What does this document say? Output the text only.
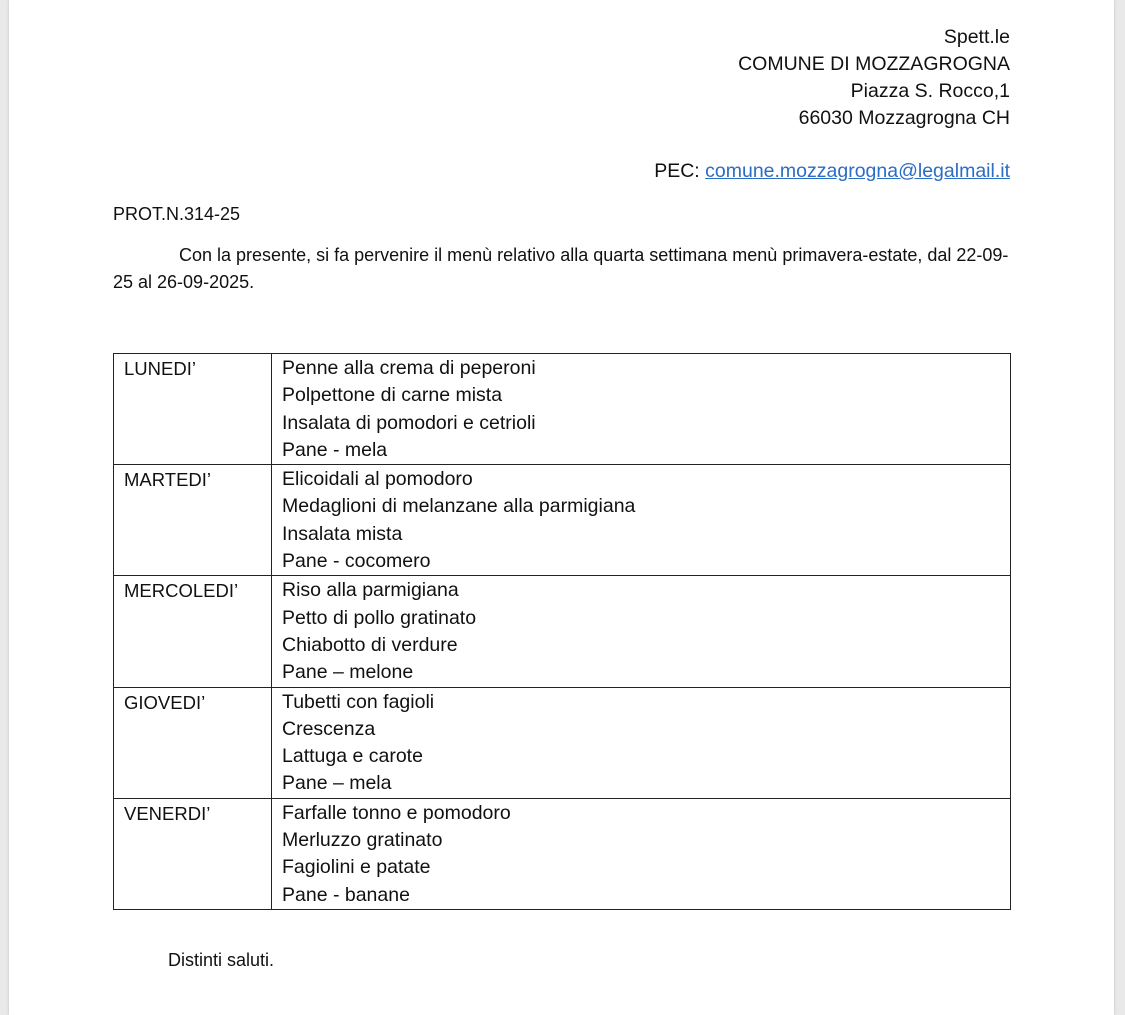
Spett.le
COMUNE DI MOZZAGROGNA
Piazza S. Rocco,1
66030 Mozzagrogna CH
PEC: comune.mozzagrogna@legalmail.it
PROT.N.314-25
Con la presente, si fa pervenire il menù relativo alla quarta settimana menù primavera-estate, dal 22-09-25 al 26-09-2025.
LUNEDI’	Penne alla crema di peperoni
Polpettone di carne mista
Insalata di pomodori e cetrioli
Pane - mela

MARTEDI’	Elicoidali al pomodoro
Medaglioni di melanzane alla parmigiana
Insalata mista
Pane - cocomero

MERCOLEDI’	Riso alla parmigiana
Petto di pollo gratinato
Chiabotto di verdure
Pane – melone

GIOVEDI’	Tubetti con fagioli
Crescenza
Lattuga e carote
Pane – mela

VENERDI’	Farfalle tonno e pomodoro
Merluzzo gratinato
Fagiolini e patate
Pane - banane
Distinti saluti.
